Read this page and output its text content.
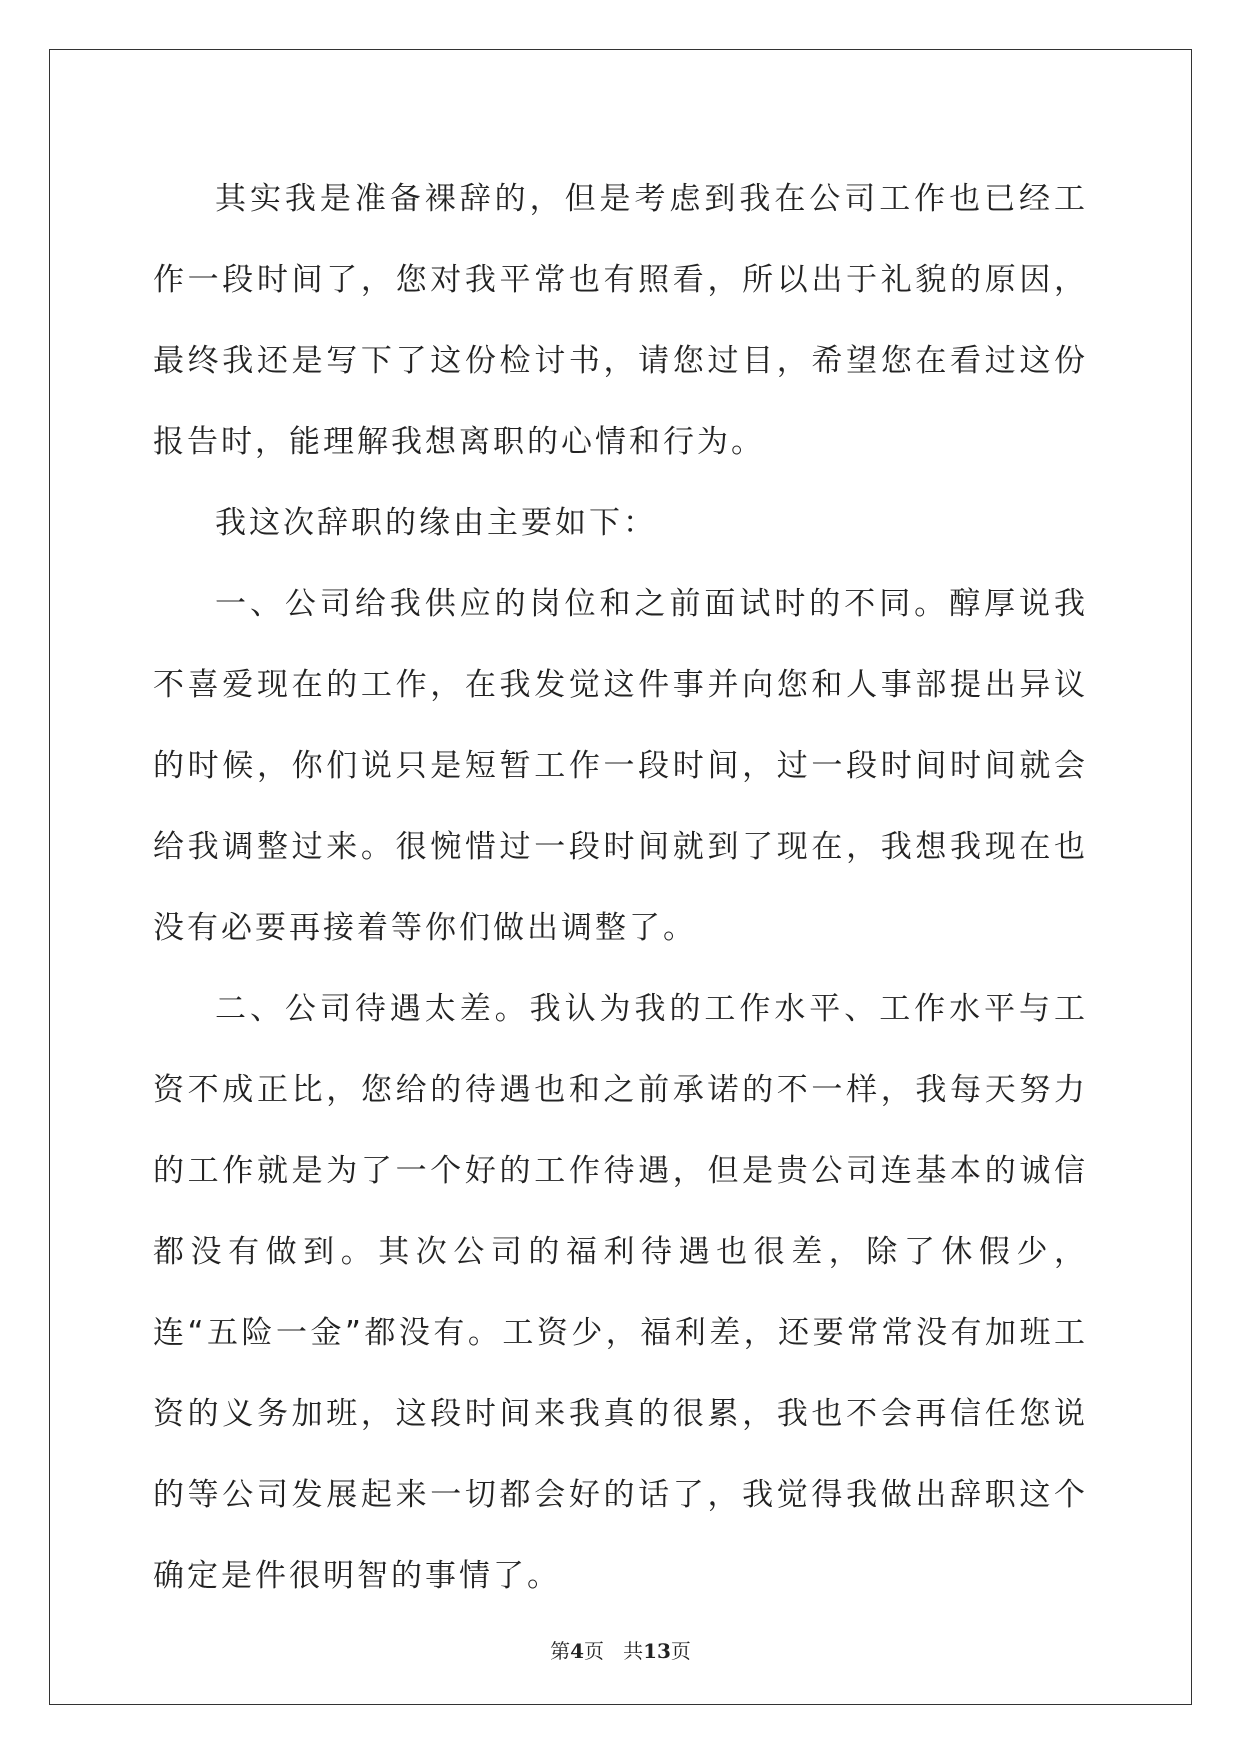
其实我是准备裸辞的，但是考虑到我在公司工作也已经工作一段时间了，您对我平常也有照看，所以出于礼貌的原因，最终我还是写下了这份检讨书，请您过目，希望您在看过这份报告时，能理解我想离职的心情和行为。

我这次辞职的缘由主要如下：

一、公司给我供应的岗位和之前面试时的不同。醇厚说我不喜爱现在的工作，在我发觉这件事并向您和人事部提出异议的时候，你们说只是短暂工作一段时间，过一段时间时间就会给我调整过来。很惋惜过一段时间就到了现在，我想我现在也没有必要再接着等你们做出调整了。

二、公司待遇太差。我认为我的工作水平、工作水平与工资不成正比，您给的待遇也和之前承诺的不一样，我每天努力的工作就是为了一个好的工作待遇，但是贵公司连基本的诚信都没有做到。其次公司的福利待遇也很差，除了休假少，连“五险一金”都没有。工资少，福利差，还要常常没有加班工资的义务加班，这段时间来我真的很累，我也不会再信任您说的等公司发展起来一切都会好的话了，我觉得我做出辞职这个确定是件很明智的事情了。

第4页 共13页
